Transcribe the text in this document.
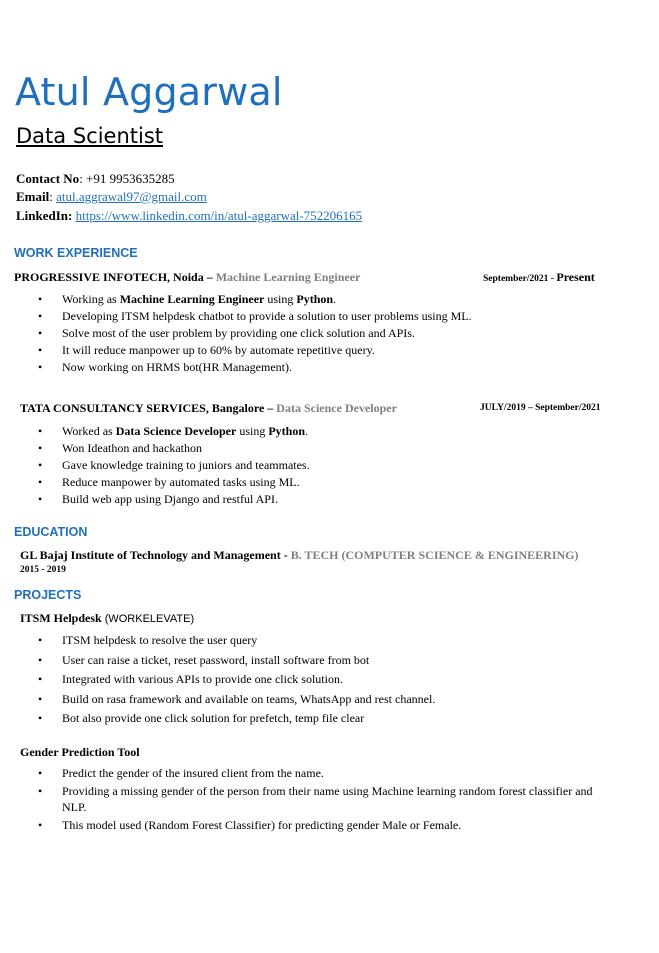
Atul Aggarwal
Data Scientist
Contact No: +91 9953635285
Email: atul.aggrawal97@gmail.com
LinkedIn: https://www.linkedin.com/in/atul-aggarwal-752206165
WORK EXPERIENCE
PROGRESSIVE INFOTECH, Noida – Machine Learning Engineer	September/2021 - Present
• Working as Machine Learning Engineer using Python.
• Developing ITSM helpdesk chatbot to provide a solution to user problems using ML.
• Solve most of the user problem by providing one click solution and APIs.
• It will reduce manpower up to 60% by automate repetitive query.
• Now working on HRMS bot(HR Management).
TATA CONSULTANCY SERVICES, Bangalore – Data Science Developer	JULY/2019 – September/2021
• Worked as Data Science Developer using Python.
• Won Ideathon and hackathon
• Gave knowledge training to juniors and teammates.
• Reduce manpower by automated tasks using ML.
• Build web app using Django and restful API.
EDUCATION
GL Bajaj Institute of Technology and Management - B. TECH (COMPUTER SCIENCE & ENGINEERING)
2015 - 2019
PROJECTS
ITSM Helpdesk (WORKELEVATE)
• ITSM helpdesk to resolve the user query
• User can raise a ticket, reset password, install software from bot
• Integrated with various APIs to provide one click solution.
• Build on rasa framework and available on teams, WhatsApp and rest channel.
• Bot also provide one click solution for prefetch, temp file clear
Gender Prediction Tool
• Predict the gender of the insured client from the name.
• Providing a missing gender of the person from their name using Machine learning random forest classifier and NLP.
• This model used (Random Forest Classifier) for predicting gender Male or Female.
